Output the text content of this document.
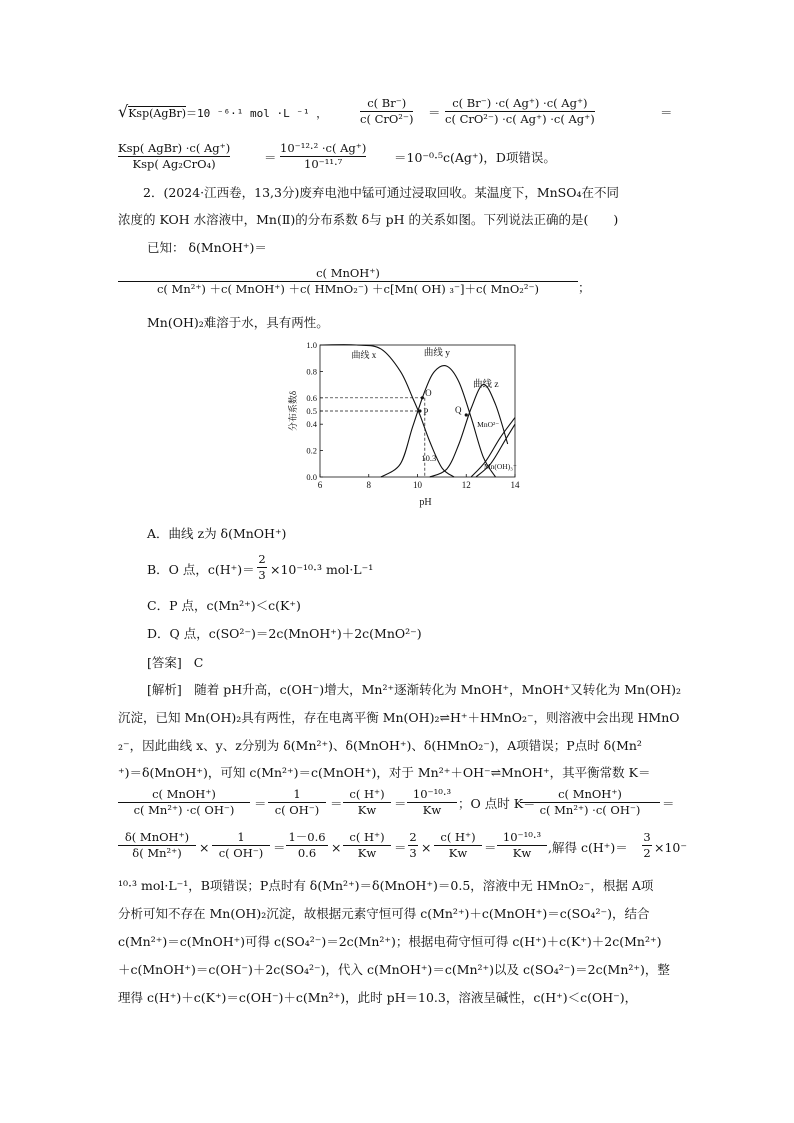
√Ksp(AgBr)＝10 ⁻⁶·¹ mol ·L ⁻¹ ，
c( Br⁻)
c( CrO²⁻) ＝
c( Br⁻) ·c( Ag⁺) ·c( Ag⁺)
c( CrO²⁻) ·c( Ag⁺) ·c( Ag⁺)	＝
Ksp( AgBr) ·c( Ag⁺)
Ksp( Ag₂CrO₄)	＝
10⁻¹²·² ·c( Ag⁺)
10⁻¹¹·⁷	＝10⁻⁰·⁵c(Ag⁺)，D项错误。
2．(2024·江西卷，13,3分)废弃电池中锰可通过浸取回收。某温度下，MnSO₄在不同
浓度的 KOH 水溶液中，Mn(Ⅱ)的分布系数 δ与 pH 的关系如图。下列说法正确的是(　　)
已知： δ(MnOH⁺)＝
c( MnOH⁺)
c( Mn²⁺) ＋c( MnOH⁺) ＋c( HMnO₂⁻) ＋c[Mn( OH) ₃⁻]＋c( MnO₂²⁻)	；
Mn(OH)₂难溶于水，具有两性。
6	8	10	12	14
0.0
0.2
0.4
0.5
0.6
0.8
1.0
pH
分布系数δ
10.3
曲线 x	曲线 y
曲线 z
MnO²⁻
Mn(OH)₃⁻
O
P	Q
A．曲线 z为 δ(MnOH⁺)
B．O 点，c(H⁺)＝
2
3 ×10⁻¹⁰·³ mol·L⁻¹
C．P 点，c(Mn²⁺)＜c(K⁺)
D．Q 点，c(SO²⁻)＝2c(MnOH⁺)＋2c(MnO²⁻)
[答案] C
[解析]　随着 pH升高，c(OH⁻)增大，Mn²⁺逐渐转化为 MnOH⁺，MnOH⁺又转化为 Mn(OH)₂
沉淀，已知 Mn(OH)₂具有两性，存在电离平衡 Mn(OH)₂⇌H⁺＋HMnO₂⁻，则溶液中会出现 HMnO
₂⁻，因此曲线 x、y、z分别为 δ(Mn²⁺)、δ(MnOH⁺)、δ(HMnO₂⁻)，A项错误；P点时 δ(Mn²
⁺)＝δ(MnOH⁺)，可知 c(Mn²⁺)＝c(MnOH⁺)，对于 Mn²⁺＋OH⁻⇌MnOH⁺，其平衡常数 K＝
c( MnOH⁺)
c( Mn²⁺) ·c( OH⁻)	＝
1
c( OH⁻) ＝
c( H⁺)
Kw	＝
10⁻¹⁰·³
Kw	；O 点时 K＝
c( MnOH⁺)
c( Mn²⁺) ·c( OH⁻)	＝
δ( MnOH⁺)
δ( Mn²⁺)	×
1
c( OH⁻) ＝
1－0.6
0.6	×
c( H⁺)
Kw	＝
2
3 ×
c( H⁺)
Kw	＝
10⁻¹⁰·³
Kw	,解得 c(H⁺)＝
3
2 ×10⁻
¹⁰·³ mol·L⁻¹，B项错误；P点时有 δ(Mn²⁺)＝δ(MnOH⁺)＝0.5，溶液中无 HMnO₂⁻，根据 A项
分析可知不存在 Mn(OH)₂沉淀，故根据元素守恒可得 c(Mn²⁺)＋c(MnOH⁺)＝c(SO₄²⁻)，结合
c(Mn²⁺)＝c(MnOH⁺)可得 c(SO₄²⁻)＝2c(Mn²⁺)；根据电荷守恒可得 c(H⁺)＋c(K⁺)＋2c(Mn²⁺)
＋c(MnOH⁺)＝c(OH⁻)＋2c(SO₄²⁻)，代入 c(MnOH⁺)＝c(Mn²⁺)以及 c(SO₄²⁻)＝2c(Mn²⁺)，整
理得 c(H⁺)＋c(K⁺)＝c(OH⁻)＋c(Mn²⁺)，此时 pH＝10.3，溶液呈碱性，c(H⁺)＜c(OH⁻)，
